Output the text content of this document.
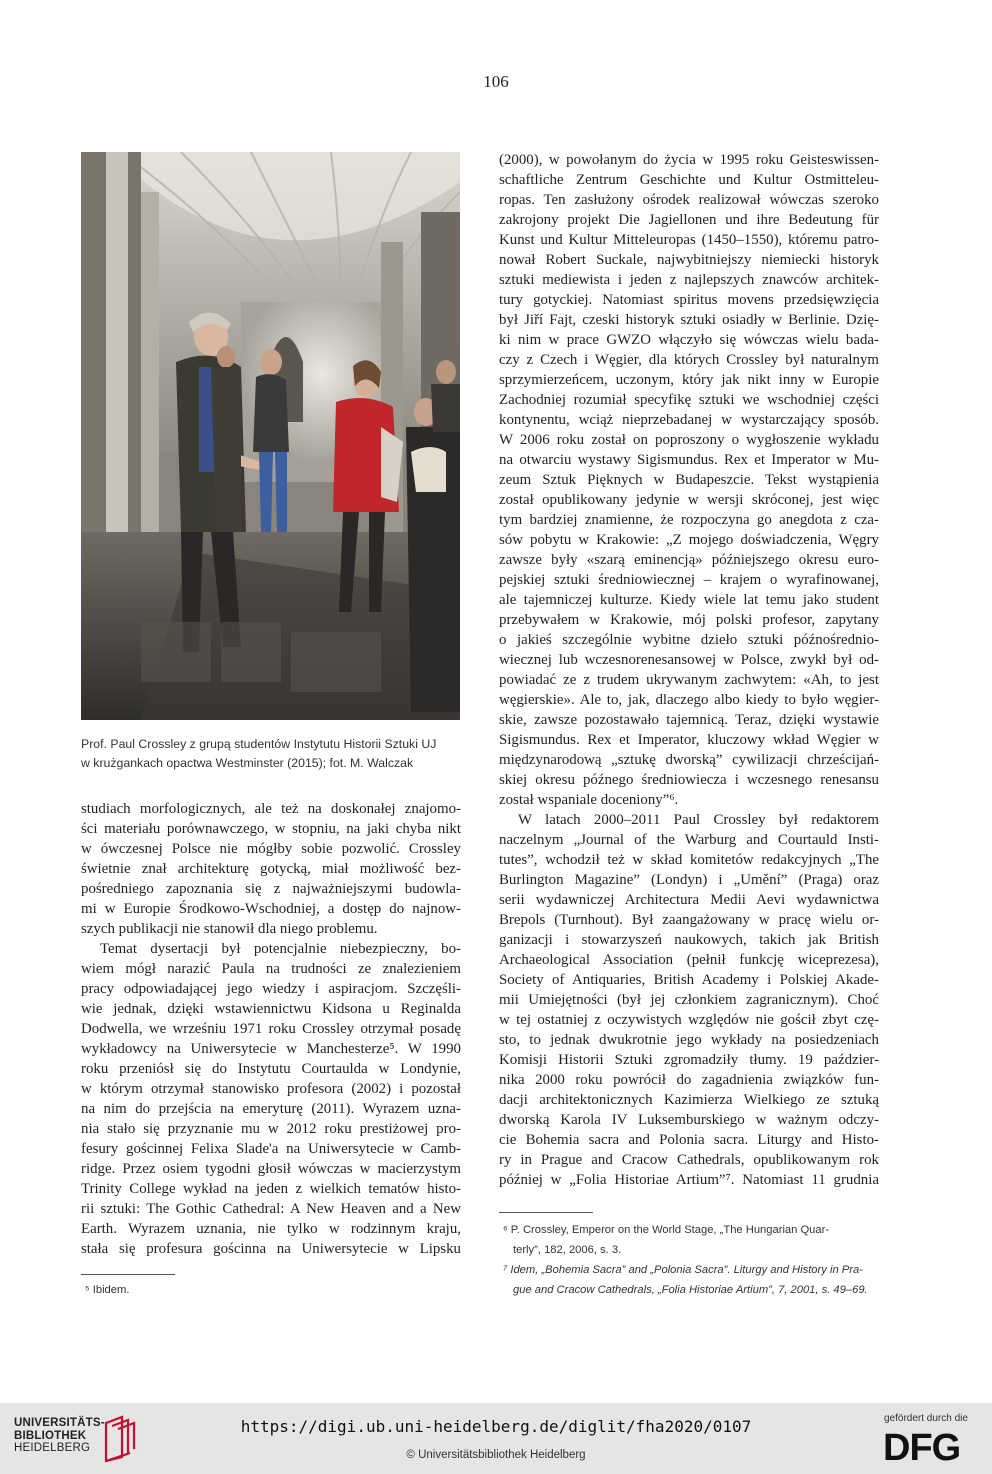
106
Prof. Paul Crossley z grupą studentów Instytutu Historii Sztuki UJ
w krużgankach opactwa Westminster (2015); fot. M. Walczak
studiach morfologicznych, ale też na doskonałej znajomo-
ści materiału porównawczego, w stopniu, na jaki chyba nikt
w ówczesnej Polsce nie mógłby sobie pozwolić. Crossley
świetnie znał architekturę gotycką, miał możliwość bez-
pośredniego zapoznania się z najważniejszymi budowla-
mi w Europie Środkowo-Wschodniej, a dostęp do najnow-
szych publikacji nie stanowił dla niego problemu.
Temat dysertacji był potencjalnie niebezpieczny, bo-
wiem mógł narazić Paula na trudności ze znalezieniem
pracy odpowiadającej jego wiedzy i aspiracjom. Szczęśli-
wie jednak, dzięki wstawiennictwu Kidsona u Reginalda
Dodwella, we wrześniu 1971 roku Crossley otrzymał posadę
wykładowcy na Uniwersytecie w Manchesterze⁵. W 1990
roku przeniósł się do Instytutu Courtaulda w Londynie,
w którym otrzymał stanowisko profesora (2002) i pozostał
na nim do przejścia na emeryturę (2011). Wyrazem uzna-
nia stało się przyznanie mu w 2012 roku prestiżowej pro-
fesury gościnnej Felixa Slade'a na Uniwersytecie w Camb-
ridge. Przez osiem tygodni głosił wówczas w macierzystym
Trinity College wykład na jeden z wielkich tematów histo-
rii sztuki: The Gothic Cathedral: A New Heaven and a New
Earth. Wyrazem uznania, nie tylko w rodzinnym kraju,
stała się profesura gościnna na Uniwersytecie w Lipsku
⁵ Ibidem.
(2000), w powołanym do życia w 1995 roku Geisteswissen-
schaftliche Zentrum Geschichte und Kultur Ostmitteleu-
ropas. Ten zasłużony ośrodek realizował wówczas szeroko
zakrojony projekt Die Jagiellonen und ihre Bedeutung für
Kunst und Kultur Mitteleuropas (1450–1550), któremu patro-
nował Robert Suckale, najwybitniejszy niemiecki historyk
sztuki mediewista i jeden z najlepszych znawców architek-
tury gotyckiej. Natomiast spiritus movens przedsięwzięcia
był Jiří Fajt, czeski historyk sztuki osiadły w Berlinie. Dzię-
ki nim w prace GWZO włączyło się wówczas wielu bada-
czy z Czech i Węgier, dla których Crossley był naturalnym
sprzymierzeńcem, uczonym, który jak nikt inny w Europie
Zachodniej rozumiał specyfikę sztuki we wschodniej części
kontynentu, wciąż nieprzebadanej w wystarczający sposób.
W 2006 roku został on poproszony o wygłoszenie wykładu
na otwarciu wystawy Sigismundus. Rex et Imperator w Mu-
zeum Sztuk Pięknych w Budapeszcie. Tekst wystąpienia
został opublikowany jedynie w wersji skróconej, jest więc
tym bardziej znamienne, że rozpoczyna go anegdota z cza-
sów pobytu w Krakowie: „Z mojego doświadczenia, Węgry
zawsze były «szarą eminencją» późniejszego okresu euro-
pejskiej sztuki średniowiecznej – krajem o wyrafinowanej,
ale tajemniczej kulturze. Kiedy wiele lat temu jako student
przebywałem w Krakowie, mój polski profesor, zapytany
o jakieś szczególnie wybitne dzieło sztuki późnośrednio-
wiecznej lub wczesnorenesansowej w Polsce, zwykł był od-
powiadać ze z trudem ukrywanym zachwytem: «Ah, to jest
węgierskie». Ale to, jak, dlaczego albo kiedy to było węgier-
skie, zawsze pozostawało tajemnicą. Teraz, dzięki wystawie
Sigismundus. Rex et Imperator, kluczowy wkład Węgier w
międzynarodową „sztukę dworską” cywilizacji chrześcijań-
skiej okresu późnego średniowiecza i wczesnego renesansu
został wspaniale doceniony”⁶.
W latach 2000–2011 Paul Crossley był redaktorem
naczelnym „Journal of the Warburg and Courtauld Insti-
tutes”, wchodził też w skład komitetów redakcyjnych „The
Burlington Magazine” (Londyn) i „Umění” (Praga) oraz
serii wydawniczej Architectura Medii Aevi wydawnictwa
Brepols (Turnhout). Był zaangażowany w pracę wielu or-
ganizacji i stowarzyszeń naukowych, takich jak British
Archaeological Association (pełnił funkcję wiceprezesa),
Society of Antiquaries, British Academy i Polskiej Akade-
mii Umiejętności (był jej członkiem zagranicznym). Choć
w tej ostatniej z oczywistych względów nie gościł zbyt czę-
sto, to jednak dwukrotnie jego wykłady na posiedzeniach
Komisji Historii Sztuki zgromadziły tłumy. 19 paździer-
nika 2000 roku powrócił do zagadnienia związków fun-
dacji architektonicznych Kazimierza Wielkiego ze sztuką
dworską Karola IV Luksemburskiego w ważnym odczy-
cie Bohemia sacra and Polonia sacra. Liturgy and Histo-
ry in Prague and Cracow Cathedrals, opublikowanym rok
później w „Folia Historiae Artium”⁷. Natomiast 11 grudnia
⁶ P. Crossley, Emperor on the World Stage, „The Hungarian Quar-
terly”, 182, 2006, s. 3.
⁷ Idem, „Bohemia Sacra” and „Polonia Sacra”. Liturgy and History in Pra-
gue and Cracow Cathedrals, „Folia Historiae Artium”, 7, 2001, s. 49–69.
UNIVERSITÄTS-
BIBLIOTHEK
HEIDELBERG
https://digi.ub.uni-heidelberg.de/diglit/fha2020/0107
© Universitätsbibliothek Heidelberg
gefördert durch die
DFG
